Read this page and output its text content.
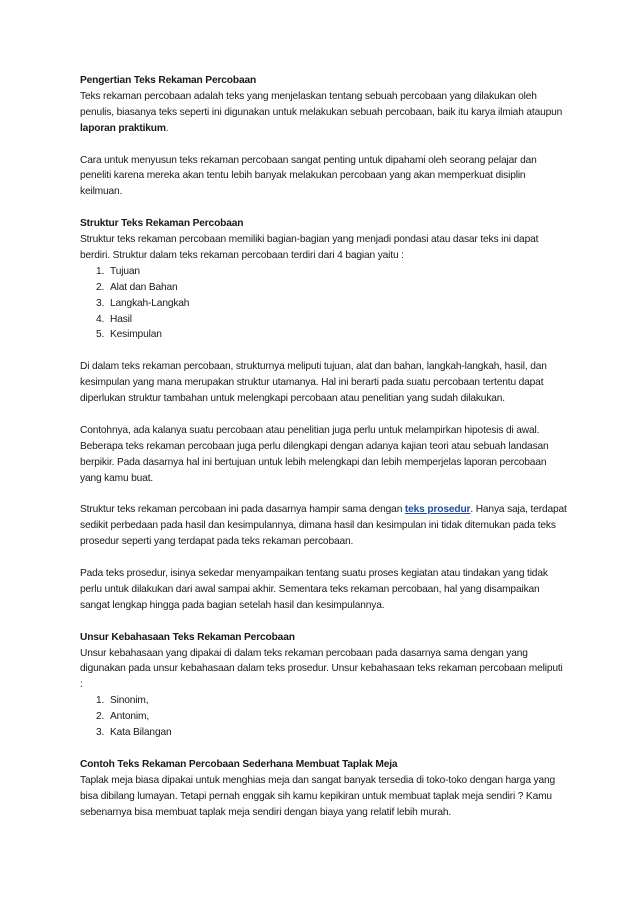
Pengertian Teks Rekaman Percobaan
Teks rekaman percobaan adalah teks yang menjelaskan tentang sebuah percobaan yang dilakukan oleh penulis, biasanya teks seperti ini digunakan untuk melakukan sebuah percobaan, baik itu karya ilmiah ataupun laporan praktikum.
Cara untuk menyusun teks rekaman percobaan sangat penting untuk dipahami oleh seorang pelajar dan peneliti karena mereka akan tentu lebih banyak melakukan percobaan yang akan memperkuat disiplin keilmuan.
Struktur Teks Rekaman Percobaan
Struktur teks rekaman percobaan memiliki bagian-bagian yang menjadi pondasi atau dasar teks ini dapat berdiri. Struktur dalam teks rekaman percobaan terdiri dari 4 bagian yaitu :
1. Tujuan
2. Alat dan Bahan
3. Langkah-Langkah
4. Hasil
5. Kesimpulan
Di dalam teks rekaman percobaan, strukturnya meliputi tujuan, alat dan bahan, langkah-langkah, hasil, dan kesimpulan yang mana merupakan struktur utamanya. Hal ini berarti pada suatu percobaan tertentu dapat diperlukan struktur tambahan untuk melengkapi percobaan atau penelitian yang sudah dilakukan.
Contohnya, ada kalanya suatu percobaan atau penelitian juga perlu untuk melampirkan hipotesis di awal. Beberapa teks rekaman percobaan juga perlu dilengkapi dengan adanya kajian teori atau sebuah landasan berpikir. Pada dasarnya hal ini bertujuan untuk lebih melengkapi dan lebih memperjelas laporan percobaan yang kamu buat.
Struktur teks rekaman percobaan ini pada dasarnya hampir sama dengan teks prosedur. Hanya saja, terdapat sedikit perbedaan pada hasil dan kesimpulannya, dimana hasil dan kesimpulan ini tidak ditemukan pada teks prosedur seperti yang terdapat pada teks rekaman percobaan.
Pada teks prosedur, isinya sekedar menyampaikan tentang suatu proses kegiatan atau tindakan yang tidak perlu untuk dilakukan dari awal sampai akhir. Sementara teks rekaman percobaan, hal yang disampaikan sangat lengkap hingga pada bagian setelah hasil dan kesimpulannya.
Unsur Kebahasaan Teks Rekaman Percobaan
Unsur kebahasaan yang dipakai di dalam teks rekaman percobaan pada dasarnya sama dengan yang digunakan pada unsur kebahasaan dalam teks prosedur. Unsur kebahasaan teks rekaman percobaan meliputi :
1. Sinonim,
2. Antonim,
3. Kata Bilangan
Contoh Teks Rekaman Percobaan Sederhana Membuat Taplak Meja
Taplak meja biasa dipakai untuk menghias meja dan sangat banyak tersedia di toko-toko dengan harga yang bisa dibilang lumayan. Tetapi pernah enggak sih kamu kepikiran untuk membuat taplak meja sendiri ? Kamu sebenarnya bisa membuat taplak meja sendiri dengan biaya yang relatif lebih murah.
